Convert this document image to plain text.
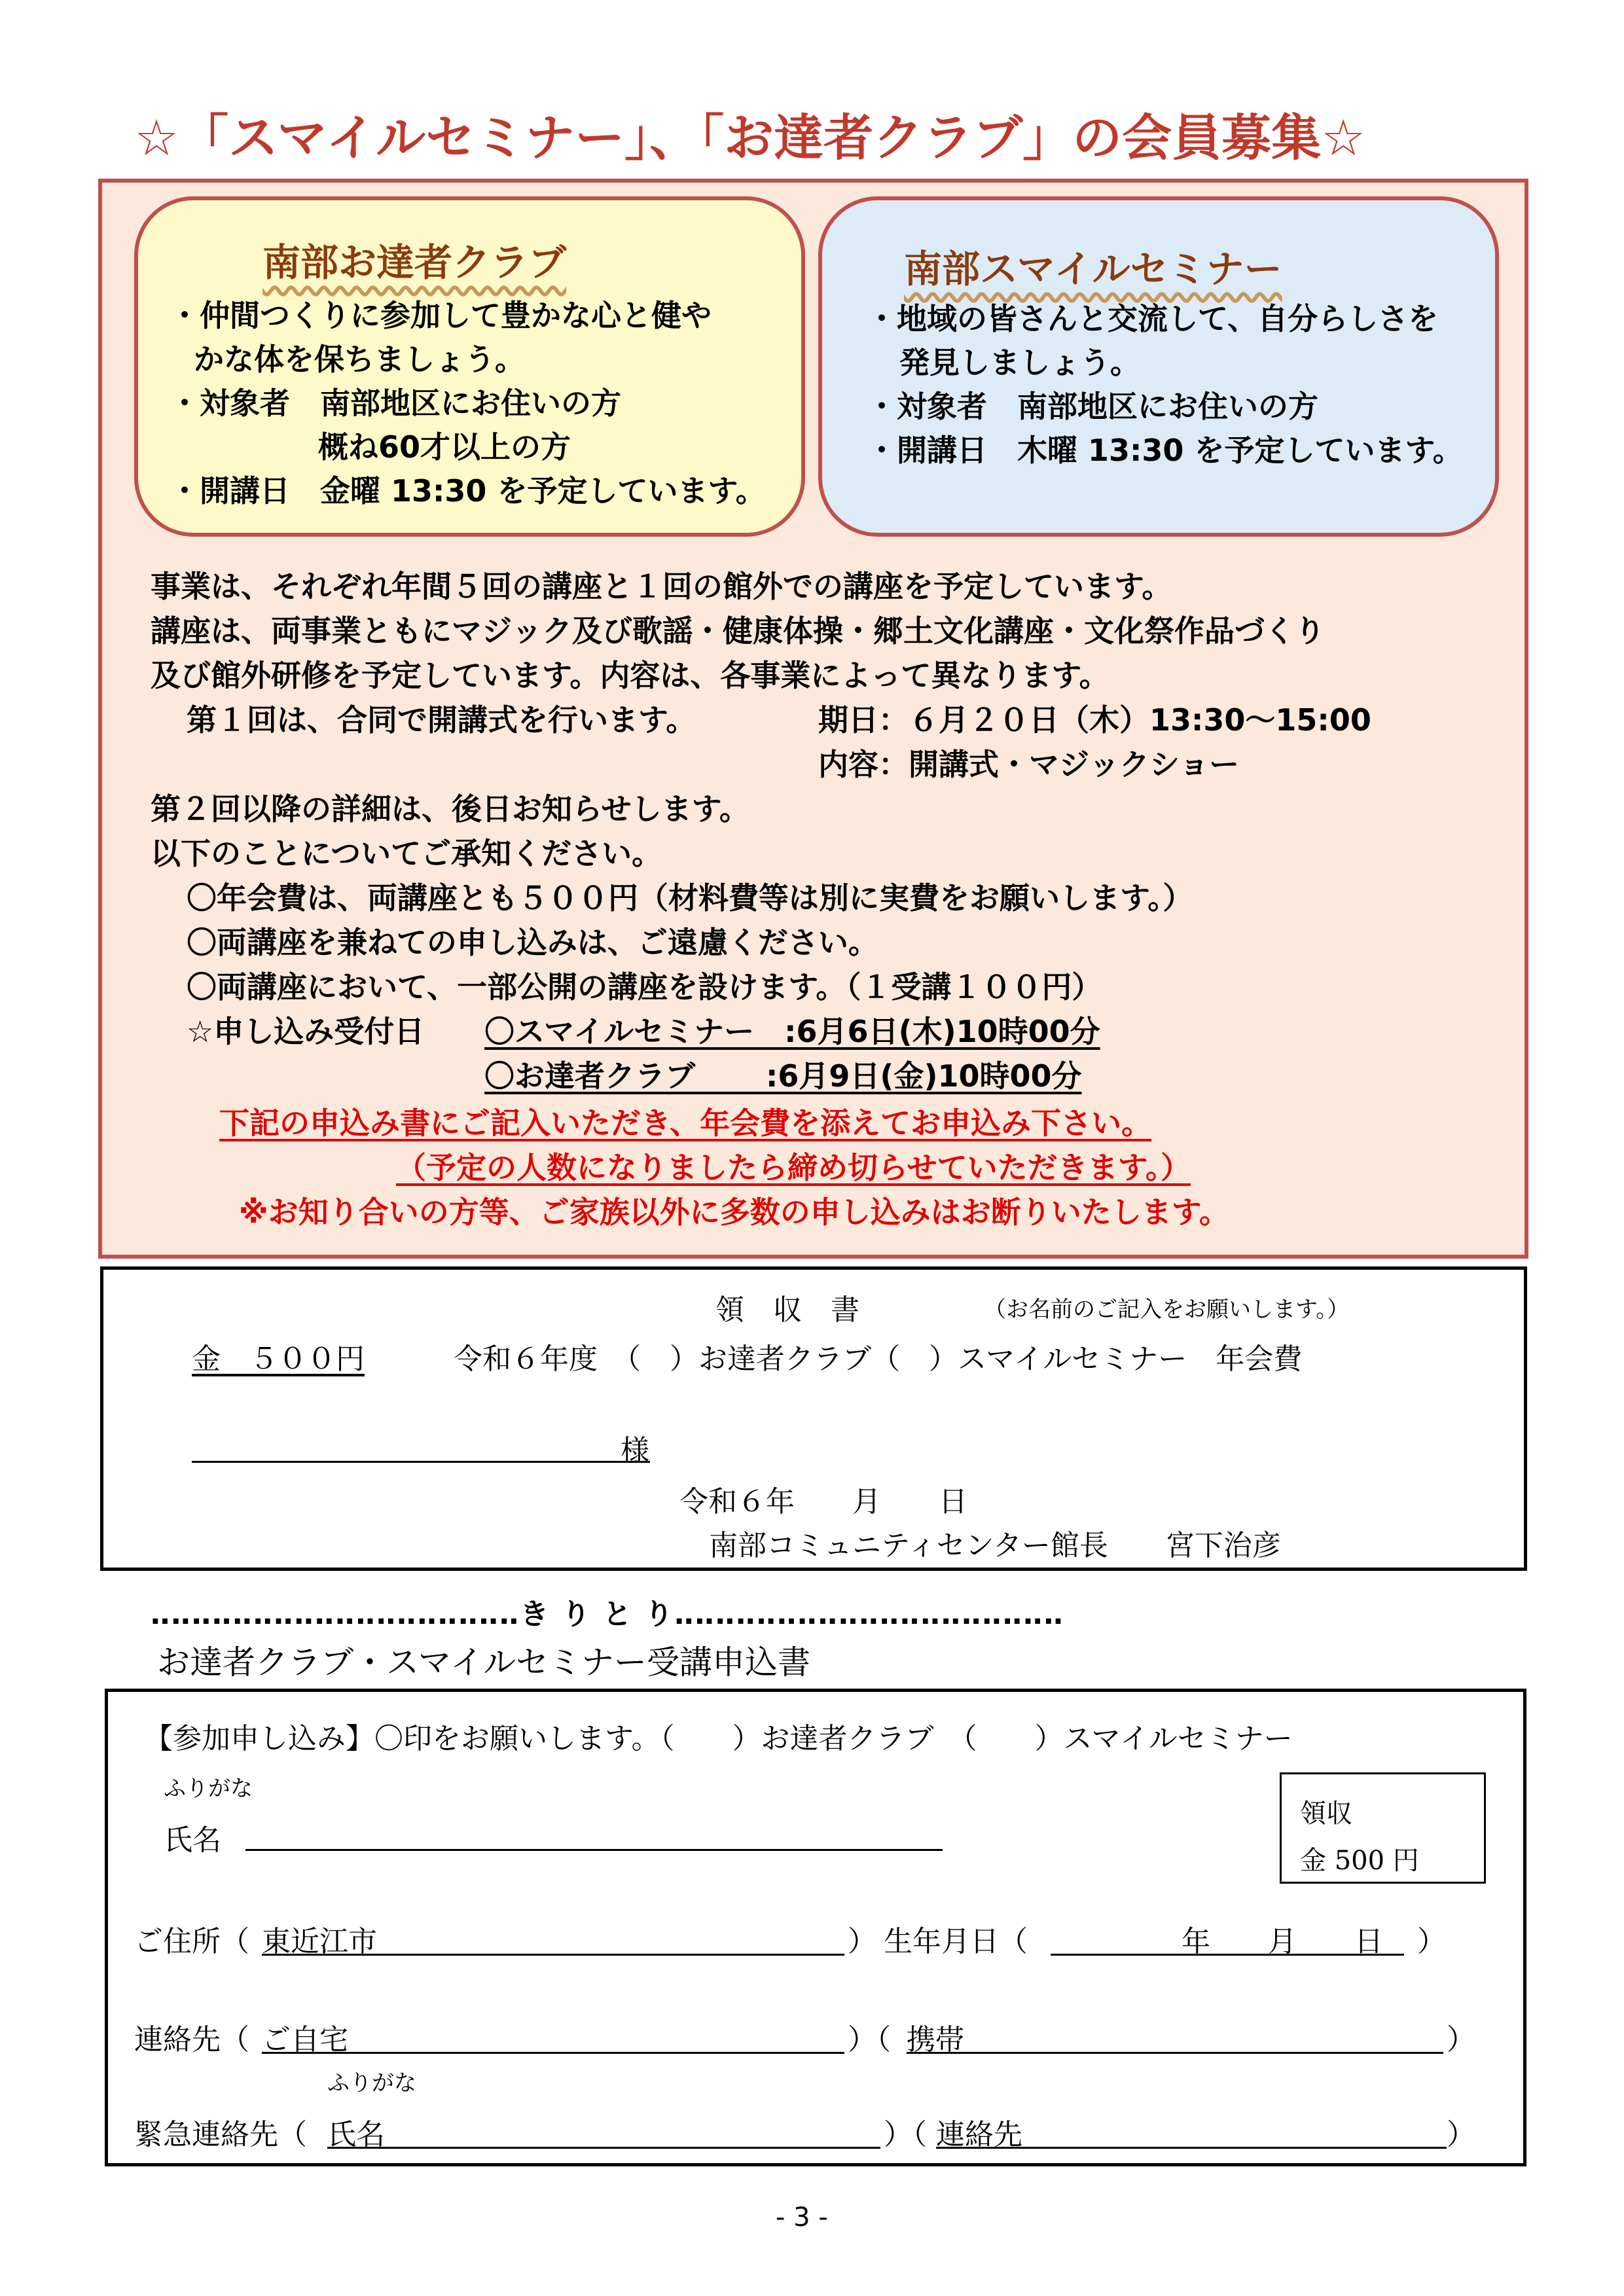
☆「スマイルセミナー」、「お達者クラブ」の会員募集☆
南部お達者クラブ
・仲間つくりに参加して豊かな心と健や
かな体を保ちましょう。
・対象者　南部地区にお住いの方
概ね60才以上の方
・開講日　金曜 13:30 を予定しています。
南部スマイルセミナー
・地域の皆さんと交流して、自分らしさを
発見しましょう。
・対象者　南部地区にお住いの方
・開講日　木曜 13:30 を予定しています。
事業は、それぞれ年間５回の講座と１回の館外での講座を予定しています。
講座は、両事業ともにマジック及び歌謡・健康体操・郷土文化講座・文化祭作品づくり
及び館外研修を予定しています。内容は、各事業によって異なります。
第１回は、合同で開講式を行います。	期日：６月２０日（木）13:30～15:00
内容：開講式・マジックショー
第２回以降の詳細は、後日お知らせします。
以下のことについてご承知ください。
〇年会費は、両講座とも５００円（材料費等は別に実費をお願いします。）
〇両講座を兼ねての申し込みは、ご遠慮ください。
〇両講座において、一部公開の講座を設けます。（１受講１００円）
☆申し込み受付日 〇スマイルセミナー　:6月6日(木)10時00分
〇お達者クラブ　　 :6月9日(金)10時00分
下記の申込み書にご記入いただき、年会費を添えてお申込み下さい。
（予定の人数になりましたら締め切らせていただきます。）
※お知り合いの方等、ご家族以外に多数の申し込みはお断りいたします。
領　収　書	（お名前のご記入をお願いします。）
金　５００円	令和６年度　（　）お達者クラブ（　）スマイルセミナー　年会費
様
令和６年　　月　　日
南部コミュニティセンター館長　　宮下治彦
‥‥‥‥‥‥‥‥‥‥‥‥‥‥‥‥‥‥き り と り‥‥‥‥‥‥‥‥‥‥‥‥‥‥‥‥‥‥‥
お達者クラブ・スマイルセミナー受講申込書
【参加申し込み】〇印をお願いします。（　　）お達者クラブ　（　　）スマイルセミナー
ふりがな
氏名
ご住所（ 東近江市	） 生年月日（	年　　月　　日 ）
連絡先（ ご自宅	）（ 携帯	）
ふりがな
緊急連絡先（ 氏名	）（ 連絡先	）
領収
金 500 円
- 3 -
